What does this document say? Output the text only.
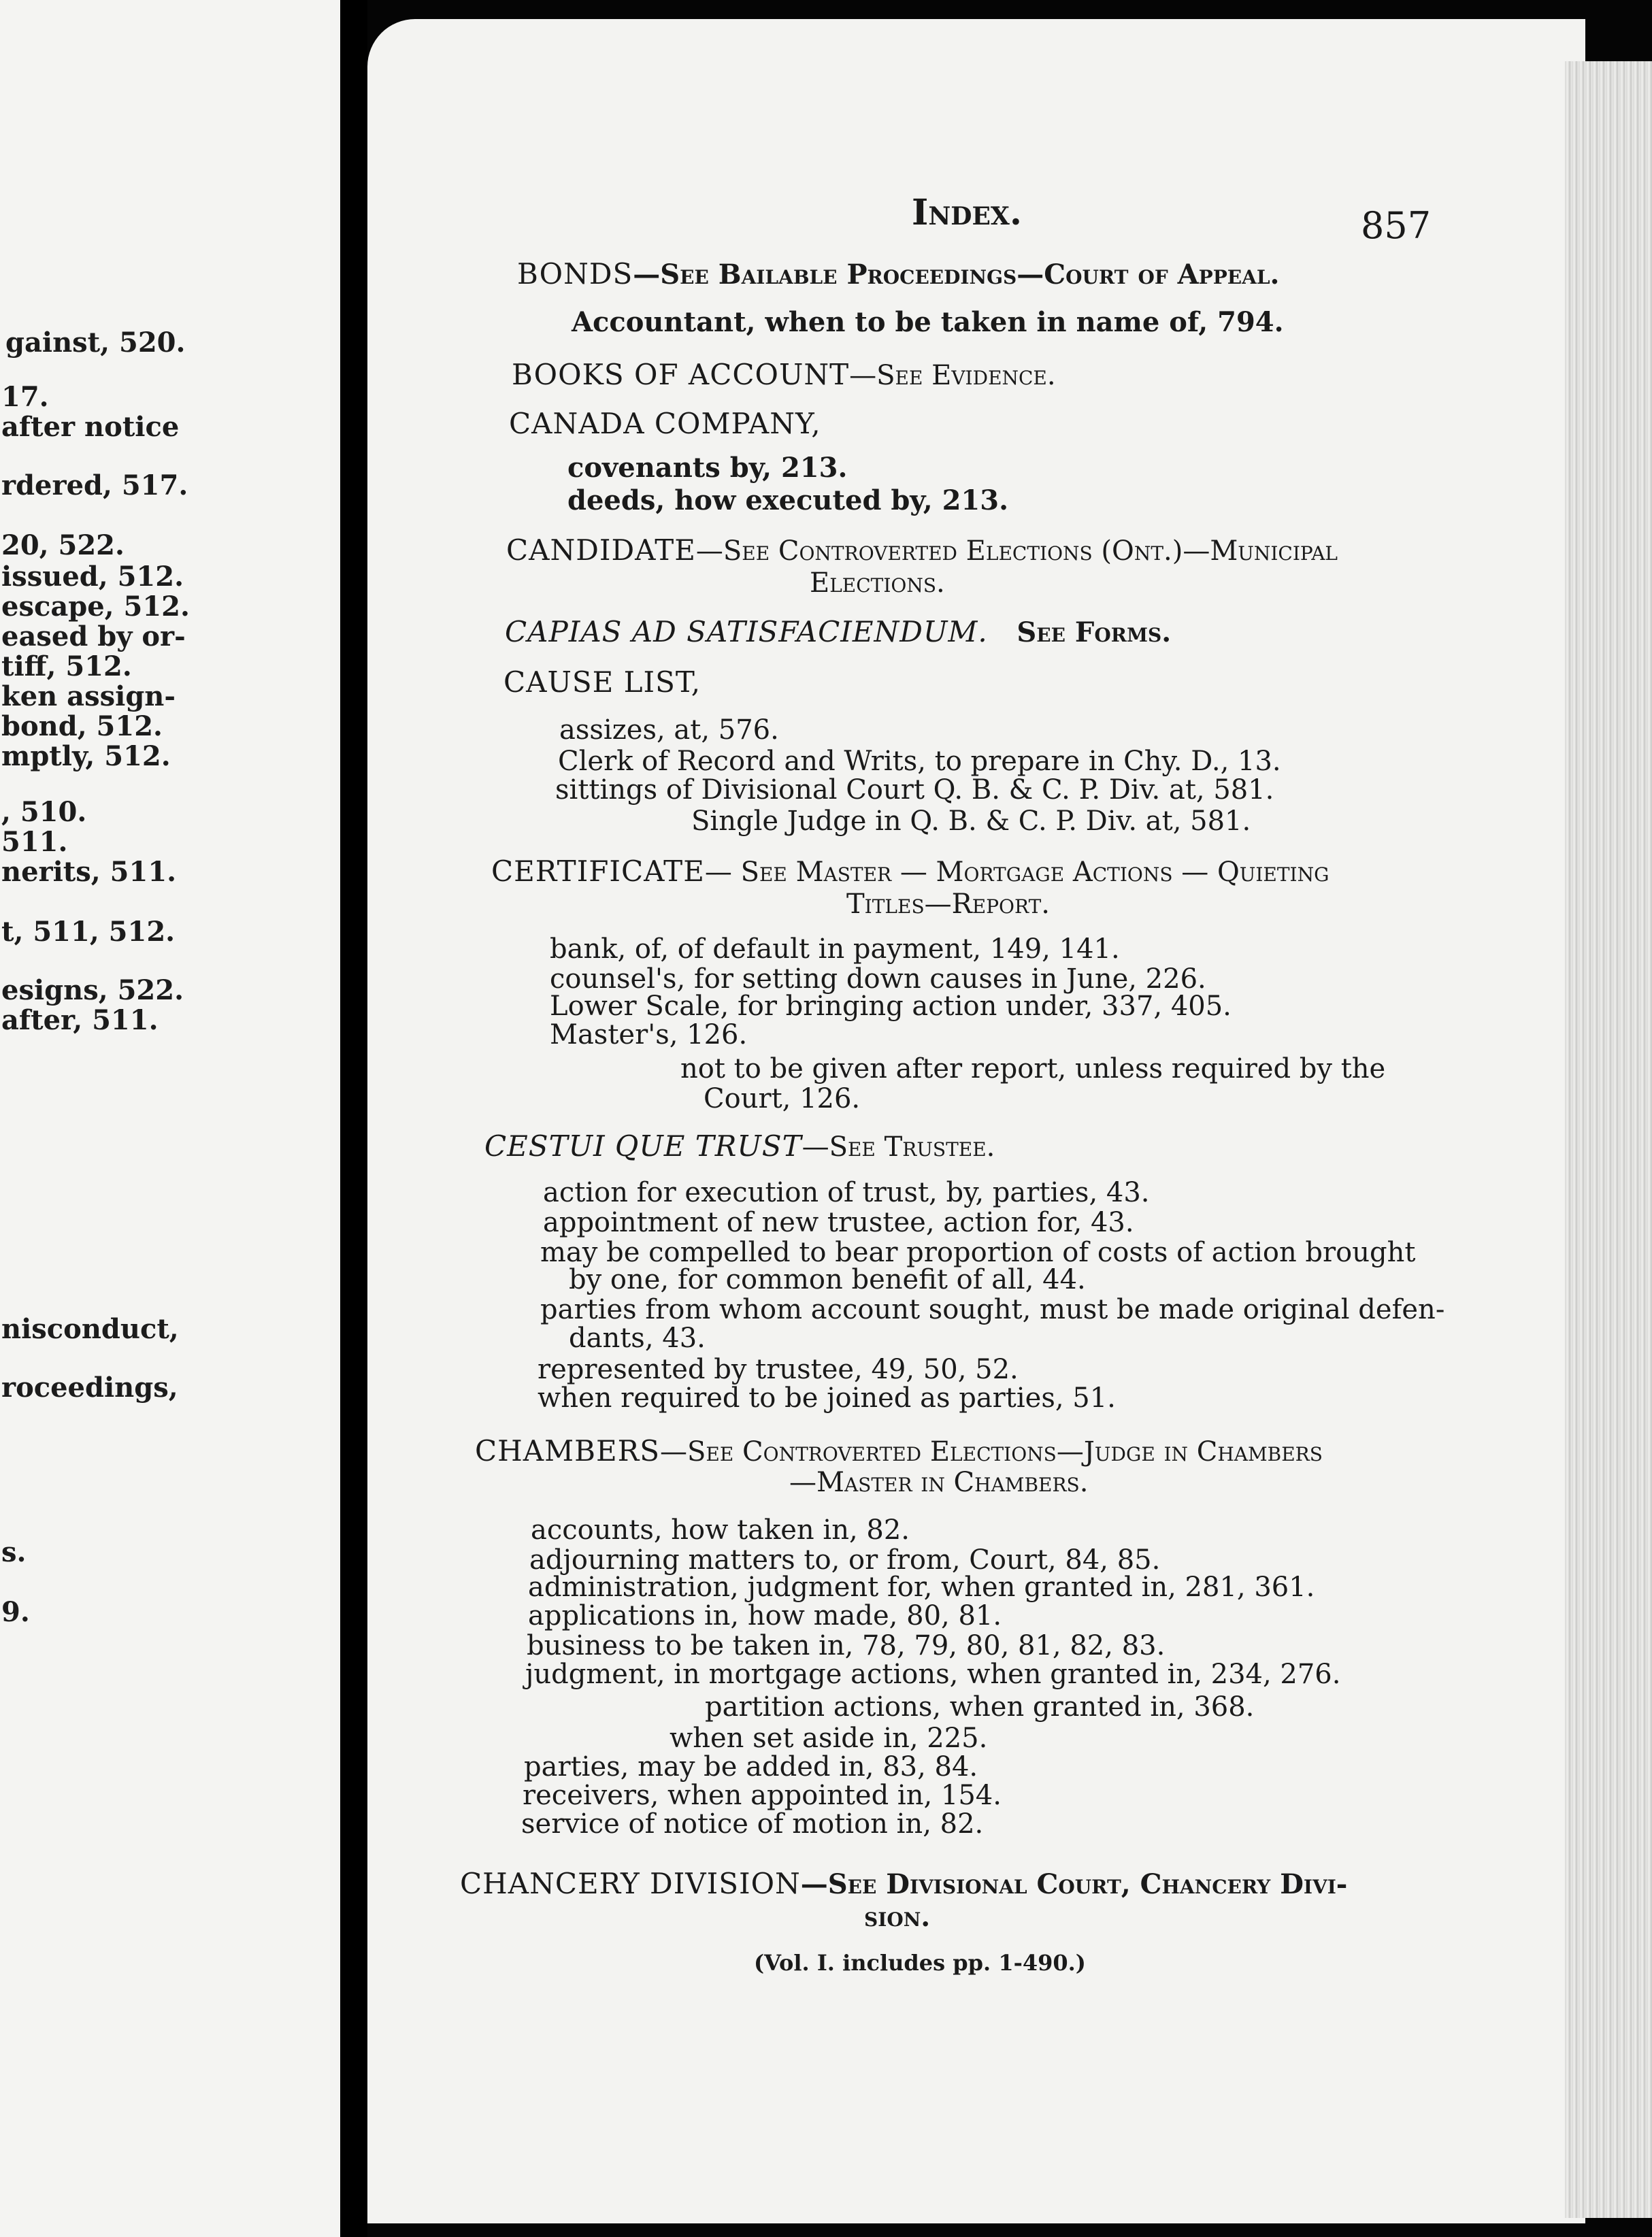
gainst, 520.
17.
after notice
rdered, 517.
20, 522.
issued, 512.
escape, 512.
eased by or-
tiff, 512.
ken assign-
bond, 512.
mptly, 512.
, 510.
511.
nerits, 511.
t, 511, 512.
esigns, 522.
after, 511.
nisconduct,
roceedings,
s.
9.
Index.	857
BONDS—See Bailable Proceedings—Court of Appeal.
Accountant, when to be taken in name of, 794.
BOOKS OF ACCOUNT—See Evidence.
CANADA COMPANY,
covenants by, 213.
deeds, how executed by, 213.
CANDIDATE—See Controverted Elections (Ont.)—Municipal
Elections.
CAPIAS AD SATISFACIENDUM. See Forms.
CAUSE LIST,
assizes, at, 576.
Clerk of Record and Writs, to prepare in Chy. D., 13.
sittings of Divisional Court Q. B. & C. P. Div. at, 581.
Single Judge in Q. B. & C. P. Div. at, 581.
CERTIFICATE— See Master — Mortgage Actions — Quieting
Titles—Report.
bank, of, of default in payment, 149, 141.
counsel's, for setting down causes in June, 226.
Lower Scale, for bringing action under, 337, 405.
Master's, 126.
not to be given after report, unless required by the
Court, 126.
CESTUI QUE TRUST—See Trustee.
action for execution of trust, by, parties, 43.
appointment of new trustee, action for, 43.
may be compelled to bear proportion of costs of action brought
by one, for common benefit of all, 44.
parties from whom account sought, must be made original defen-
dants, 43.
represented by trustee, 49, 50, 52.
when required to be joined as parties, 51.
CHAMBERS—See Controverted Elections—Judge in Chambers
—Master in Chambers.
accounts, how taken in, 82.
adjourning matters to, or from, Court, 84, 85.
administration, judgment for, when granted in, 281, 361.
applications in, how made, 80, 81.
business to be taken in, 78, 79, 80, 81, 82, 83.
judgment, in mortgage actions, when granted in, 234, 276.
partition actions, when granted in, 368.
when set aside in, 225.
parties, may be added in, 83, 84.
receivers, when appointed in, 154.
service of notice of motion in, 82.
CHANCERY DIVISION—See Divisional Court, Chancery Divi-
sion.
(Vol. I. includes pp. 1-490.)
